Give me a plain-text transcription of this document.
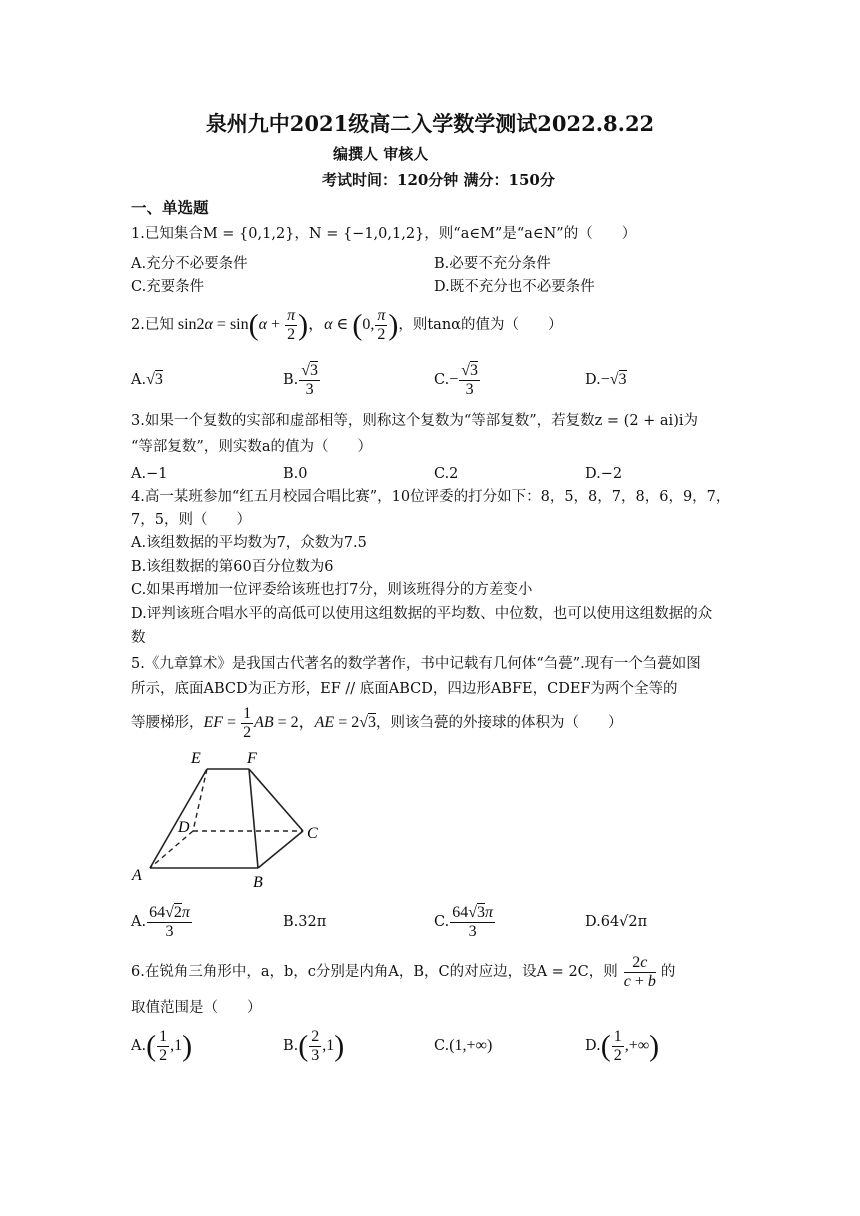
泉州九中2021级高二入学数学测试2022.8.22
编撰人 审核人
考试时间：120分钟 满分：150分
一、单选题
1.已知集合M = {0,1,2}，N = {−1,0,1,2}，则“a∈M”是“a∈N”的（　　）
A.充分不必要条件	B.必要不充分条件
C.充要条件	D.既不充分也不必要条件
2.已知 $\sin 2\alpha = \sin(\alpha + \frac{\pi}{2}$ )，α ∈ (0, $\frac{\pi}{2}$ ) ，则tanα的值为（　　）
A. √3	B. $\frac{√3}{3}$	C. − $\frac{√3}{3}$	D. −√3
3.如果一个复数的实部和虚部相等，则称这个复数为“等部复数”，若复数z = (2 + ai)i为
“等部复数”，则实数a的值为（　　）
A.−1	B.0	C.2	D.−2
4.高一某班参加“红五月校园合唱比赛”，10位评委的打分如下：8，5，8，7，8，6，9，7，
7，5，则（　　）
A.该组数据的平均数为7，众数为7.5
B.该组数据的第60百分位数为6
C.如果再增加一位评委给该班也打7分，则该班得分的方差变小
D.评判该班合唱水平的高低可以使用这组数据的平均数、中位数，也可以使用这组数据的众
数
5.《九章算术》是我国古代著名的数学著作，书中记载有几何体“刍甍”.现有一个刍甍如图
所示，底面ABCD为正方形，EF // 底面ABCD，四边形ABFE，CDEF为两个全等的
等腰梯形， EF = $\frac{1}{2}$ AB = 2，AE = 2√3 ，则该刍甍的外接球的体积为（　　）
E	F
D	C
A	B
A. $\frac{64√2\pi}{3}$	B.32π	C. $\frac{64√3\pi}{3}$	D.64√2π
6.在锐角三角形中，a，b，c分别是内角A，B，C的对应边，设A = 2C，则 $\frac{2c}{c + b}$ 的
取值范围是（　　）
A. ( $\frac{1}{2} ,1$)	B. ( $\frac{2}{3} ,1$)	C. (1,+∞)	D. ( $\frac{1}{2}$ ,+∞)
